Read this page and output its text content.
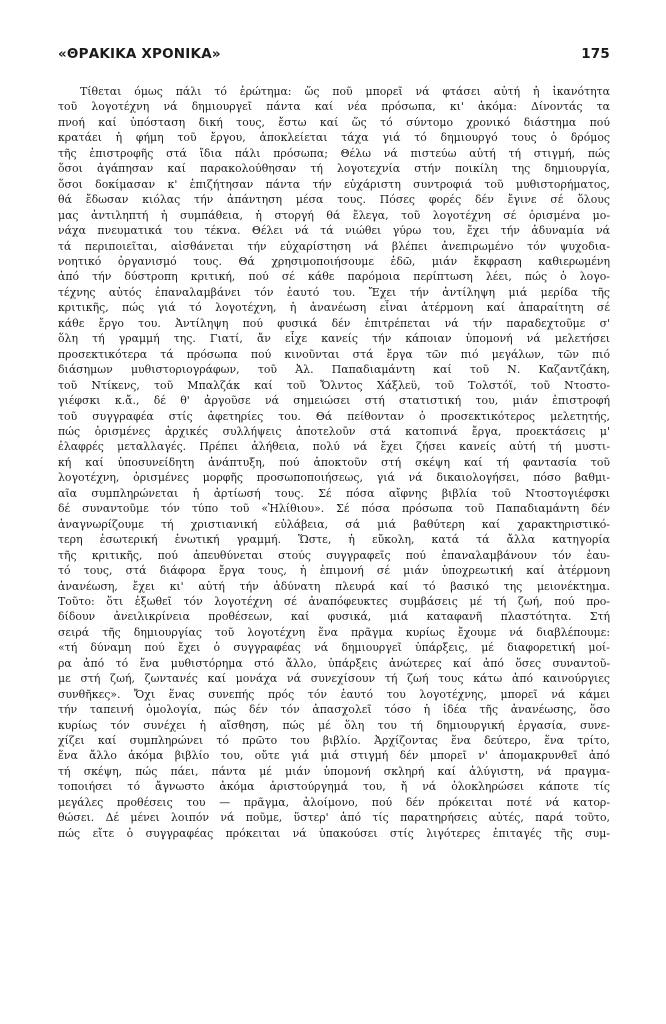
«ΘΡΑΚΙΚΑ ΧΡΟΝΙΚΑ»	175
Τίθεται όμως πάλι τό ἐρώτημα: ὥς ποῦ μπορεῖ νά φτάσει αὐτή ἡ ἱκανότητα
τοῦ λογοτέχνη νά δημιουργεῖ πάντα καί νέα πρόσωπα, κι' ἀκόμα: Δίνοντάς τα
πνοή καί ὑπόσταση δική τους, ἔστω καί ὥς τό σύντομο χρονικό διάστημα πού
κρατάει ἡ φήμη τοῦ ἔργου, ἀποκλείεται τάχα γιά τό δημιουργό τους ὁ δρόμος
τῆς ἐπιστροφῆς στά ἴδια πάλι πρόσωπα; Θέλω νά πιστεύω αὐτή τή στιγμή, πώς
ὅσοι ἀγάπησαν καί παρακολούθησαν τή λογοτεχνία στήν ποικίλη της δημιουργία,
ὅσοι δοκίμασαν κ' ἐπιζήτησαν πάντα τήν εὐχάριστη συντροφιά τοῦ μυθιστορήματος,
θά ἔδωσαν κιόλας τήν ἀπάντηση μέσα τους. Πόσες φορές δέν ἔγινε σέ ὅλους
μας ἀντιληπτή ἡ συμπάθεια, ἡ στοργή θά ἔλεγα, τοῦ λογοτέχνη σέ ὁρισμένα μο-
νάχα πνευματικά του τέκνα. Θέλει νά τά νιώθει γύρω του, ἔχει τήν ἀδυναμία νά
τά περιποιεῖται, αἰσθάνεται τήν εὐχαρίστηση νά βλέπει ἀνεπιρωμένο τόν ψυχοδια-
νοητικό ὀργανισμό τους. Θά χρησιμοποιήσουμε ἐδῶ, μιάν ἔκφραση καθιερωμένη
ἀπό τήν δύστροπη κριτική, πού σέ κάθε παρόμοια περίπτωση λέει, πώς ὁ λογο-
τέχνης αὐτός ἐπαναλαμβάνει τόν ἑαυτό του. Ἔχει τήν ἀντίληψη μιά μερίδα τῆς
κριτικῆς, πώς γιά τό λογοτέχνη, ἡ ἀνανέωση εἶναι ἀτέρμονη καί ἀπαραίτητη σέ
κάθε ἔργο του. Ἀντίληψη πού φυσικά δέν ἐπιτρέπεται νά τήν παραδεχτοῦμε σ'
ὅλη τή γραμμή της. Γιατί, ἄν εἶχε κανείς τήν κάποιαν ὑπομονή νά μελετήσει
προσεκτικότερα τά πρόσωπα πού κινοῦνται στά ἔργα τῶν πιό μεγάλων, τῶν πιό
διάσημων μυθιστοριογράφων, τοῦ Ἀλ. Παπαδιαμάντη καί τοῦ Ν. Καζαντζάκη,
τοῦ Ντίκενς, τοῦ Μπαλζάκ καί τοῦ Ὄλντος Χάξλεϋ, τοῦ Τολστόϊ, τοῦ Ντοστο-
γιέφσκι κ.ἄ., δέ θ' ἀργοῦσε νά σημειώσει στή στατιστική του, μιάν ἐπιστροφή
τοῦ συγγραφέα στίς ἀφετηρίες του. Θά πείθονταν ὁ προσεκτικότερος μελετητής,
πώς ὁρισμένες ἀρχικές συλλήψεις ἀποτελοῦν στά κατοπινά ἔργα, προεκτάσεις μ'
ἐλαφρές μεταλλαγές. Πρέπει ἀλήθεια, πολύ νά ἔχει ζήσει κανείς αὐτή τή μυστι-
κή καί ὑποσυνείδητη ἀνάπτυξη, πού ἀποκτοῦν στή σκέψη καί τή φαντασία τοῦ
λογοτέχνη, ὁρισμένες μορφῆς προσωποποιήσεως, γιά νά δικαιολογήσει, πόσο βαθμι-
αῖα συμπληρώνεται ἡ ἀρτίωσή τους. Σέ πόσα αἴφνης βιβλία τοῦ Ντοστογιέφσκι
δέ συναντοῦμε τόν τύπο τοῦ «Ἠλίθιου». Σέ πόσα πρόσωπα τοῦ Παπαδιαμάντη δέν
ἀναγνωρίζουμε τή χριστιανική εὐλάβεια, σά μιά βαθύτερη καί χαρακτηριστικό-
τερη ἐσωτερική ἑνωτική γραμμή. Ὥστε, ἡ εὔκολη, κατά τά ἄλλα κατηγορία
τῆς κριτικῆς, πού ἀπευθύνεται στούς συγγραφεῖς πού ἐπαναλαμβάνουν τόν ἑαυ-
τό τους, στά διάφορα ἔργα τους, ἡ ἐπιμονή σέ μιάν ὑποχρεωτική καί ἀτέρμονη
ἀνανέωση, ἔχει κι' αὐτή τήν ἀδύνατη πλευρά καί τό βασικό της μειονέκτημα.
Τοῦτο: ὅτι ἐξωθεῖ τόν λογοτέχνη σέ ἀναπόφευκτες συμβάσεις μέ τή ζωή, πού προ-
δίδουν ἀνειλικρίνεια προθέσεων, καί φυσικά, μιά καταφανῆ πλαστότητα. Στή
σειρά τῆς δημιουργίας τοῦ λογοτέχνη ἕνα πρᾶγμα κυρίως ἔχουμε νά διαβλέπουμε:
«τή δύναμη πού ἔχει ὁ συγγραφέας νά δημιουργεῖ ὑπάρξεις, μέ διαφορετική μοί-
ρα ἀπό τό ἕνα μυθιστόρημα στό ἄλλο, ὑπάρξεις ἀνώτερες καί ἀπό ὅσες συναντοῦ-
με στή ζωή, ζωντανές καί μονάχα νά συνεχίσουν τή ζωή τους κάτω ἀπό καινούργιες
συνθῆκες». Ὄχι ἕνας συνεπής πρός τόν ἑαυτό του λογοτέχνης, μπορεῖ νά κάμει
τήν ταπεινή ὁμολογία, πώς δέν τόν ἀπασχολεῖ τόσο ἡ ἰδέα τῆς ἀνανέωσης, ὅσο
κυρίως τόν συνέχει ἡ αἴσθηση, πώς μέ ὅλη του τή δημιουργική ἐργασία, συνε-
χίζει καί συμπληρώνει τό πρῶτο του βιβλίο. Ἀρχίζοντας ἕνα δεύτερο, ἕνα τρίτο,
ἕνα ἄλλο ἀκόμα βιβλίο του, οὔτε γιά μιά στιγμή δέν μπορεῖ ν' ἀπομακρυνθεῖ ἀπό
τή σκέψη, πώς πάει, πάντα μέ μιάν ὑπομονή σκληρή καί ἀλύγιστη, νά πραγμα-
τοποιήσει τό ἄγνωστο ἀκόμα ἀριστούργημά του, ἤ νά ὁλοκληρώσει κάποτε τίς
μεγάλες προθέσεις του — πρᾶγμα, ἀλοίμονο, πού δέν πρόκειται ποτέ νά κατορ-
θώσει. Δέ μένει λοιπόν νά ποῦμε, ὕστερ' ἀπό τίς παρατηρήσεις αὐτές, παρά τοῦτο,
πώς εἴτε ὁ συγγραφέας πρόκειται νά ὑπακούσει στίς λιγότερες ἐπιταγές τῆς συμ-
